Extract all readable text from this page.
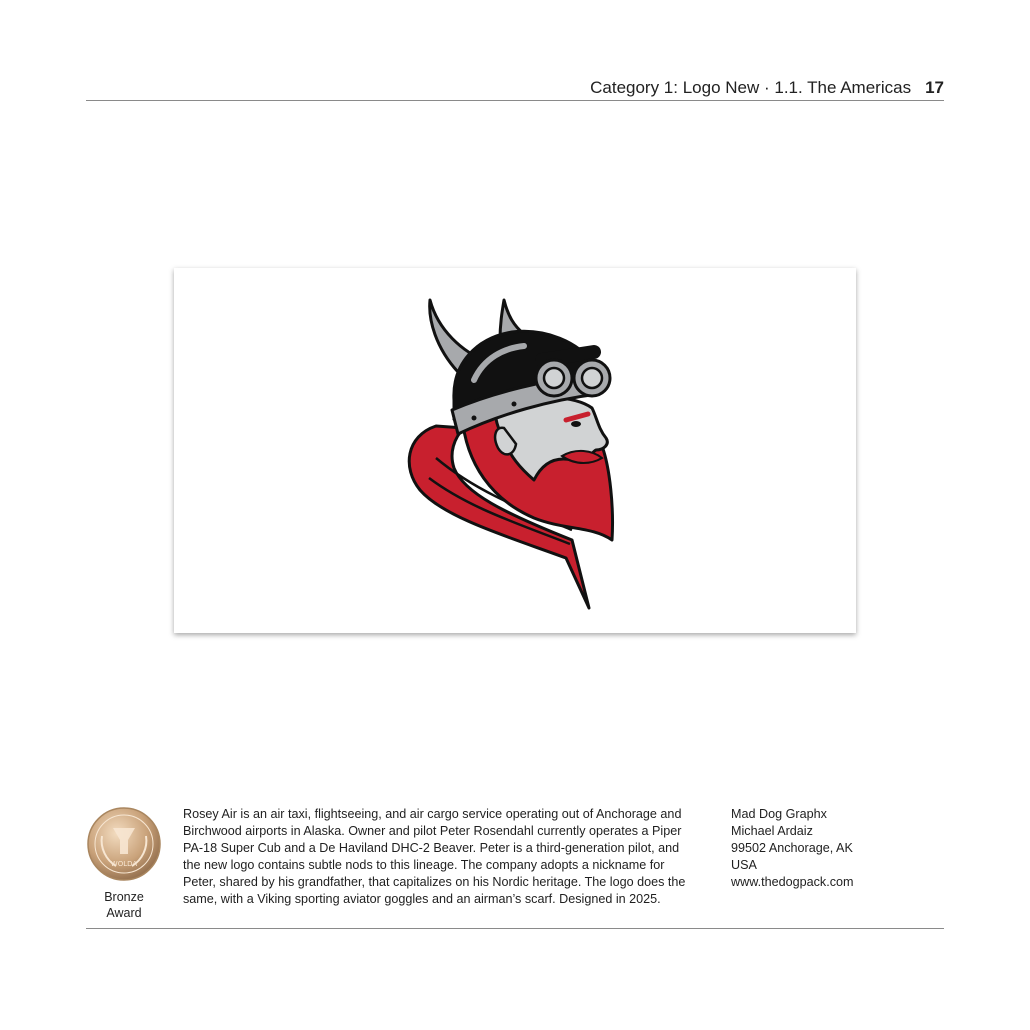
Category 1: Logo New · 1.1. The Americas 17
WOLDA
Bronze
Award

Rosey Air is an air taxi, flightseeing, and air cargo service operating out of Anchorage and Birchwood airports in Alaska. Owner and pilot Peter Rosendahl currently operates a Piper PA-18 Super Cub and a De Haviland DHC-2 Beaver. Peter is a third-generation pilot, and the new logo contains subtle nods to this lineage. The company adopts a nickname for Peter, shared by his grandfather, that capitalizes on his Nordic heritage. The logo does the same, with a Viking sporting aviator goggles and an airman’s scarf. Designed in 2025.

Mad Dog Graphx
Michael Ardaiz
99502 Anchorage, AK
USA
www.thedogpack.com
